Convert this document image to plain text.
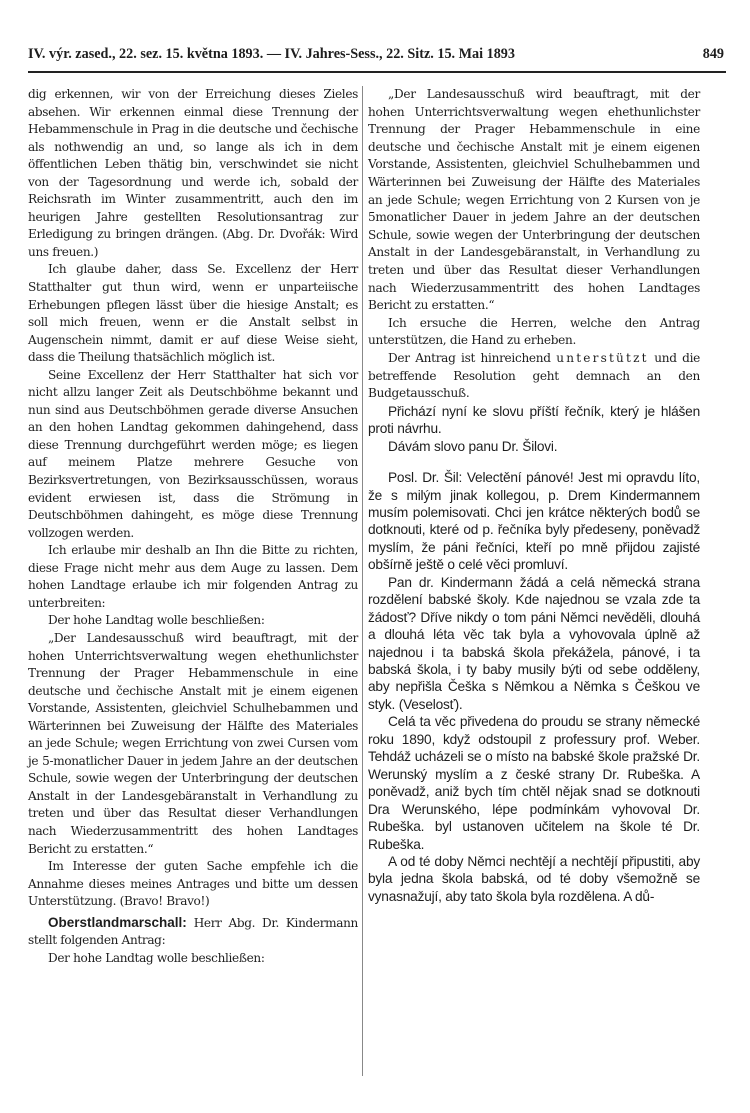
IV. výr. zased., 22. sez. 15. května 1893. — IV. Jahres-Sess., 22. Sitz. 15. Mai 1893	849

dig erkennen, wir von der Erreichung dieses Zieles absehen. Wir erkennen einmal diese Trennung der Hebammenschule in Prag in die deutsche und čechische als nothwendig an und, so lange als ich in dem öffentlichen Leben thätig bin, verschwindet sie nicht von der Tagesordnung und werde ich, sobald der Reichsrath im Winter zusammentritt, auch den im heurigen Jahre gestellten Resolutionsantrag zur Erledigung zu bringen drängen. (Abg. Dr. Dvořák: Wird uns freuen.)

Ich glaube daher, dass Se. Excellenz der Herr Statthalter gut thun wird, wenn er unparteiische Erhebungen pflegen lässt über die hiesige Anstalt; es soll mich freuen, wenn er die Anstalt selbst in Augenschein nimmt, damit er auf diese Weise sieht, dass die Theilung thatsächlich möglich ist.

Seine Excellenz der Herr Statthalter hat sich vor nicht allzu langer Zeit als Deutschböhme bekannt und nun sind aus Deutschböhmen gerade diverse Ansuchen an den hohen Landtag gekommen dahingehend, dass diese Trennung durchgeführt werden möge; es liegen auf meinem Platze mehrere Gesuche von Bezirksvertretungen, von Bezirksausschüssen, woraus evident erwiesen ist, dass die Strömung in Deutschböhmen dahingeht, es möge diese Trennung vollzogen werden.

Ich erlaube mir deshalb an Ihn die Bitte zu richten, diese Frage nicht mehr aus dem Auge zu lassen. Dem hohen Landtage erlaube ich mir folgenden Antrag zu unterbreiten:

Der hohe Landtag wolle beschließen:

„Der Landesausschuß wird beauftragt, mit der hohen Unterrichtsverwaltung wegen ehethunlichster Trennung der Prager Hebammenschule in eine deutsche und čechische Anstalt mit je einem eigenen Vorstande, Assistenten, gleichviel Schulhebammen und Wärterinnen bei Zuweisung der Hälfte des Materiales an jede Schule; wegen Errichtung von zwei Cursen vom je 5-monatlicher Dauer in jedem Jahre an der deutschen Schule, sowie wegen der Unterbringung der deutschen Anstalt in der Landesgebäranstalt in Verhandlung zu treten und über das Resultat dieser Verhandlungen nach Wiederzusammentritt des hohen Landtages Bericht zu erstatten.“

Im Interesse der guten Sache empfehle ich die Annahme dieses meines Antrages und bitte um dessen Unterstützung. (Bravo! Bravo!)

Oberstlandmarschall: Herr Abg. Dr. Kindermann stellt folgenden Antrag:

Der hohe Landtag wolle beschließen:

„Der Landesausschuß wird beauftragt, mit der hohen Unterrichtsverwaltung wegen ehethunlichster Trennung der Prager Hebammenschule in eine deutsche und čechische Anstalt mit je einem eigenen Vorstande, Assistenten, gleichviel Schulhebammen und Wärterinnen bei Zuweisung der Hälfte des Materiales an jede Schule; wegen Errichtung von 2 Kursen von je 5monatlicher Dauer in jedem Jahre an der deutschen Schule, sowie wegen der Unterbringung der deutschen Anstalt in der Landesgebäranstalt, in Verhandlung zu treten und über das Resultat dieser Verhandlungen nach Wiederzusammentritt des hohen Landtages Bericht zu erstatten.“

Ich ersuche die Herren, welche den Antrag unterstützen, die Hand zu erheben.

Der Antrag ist hinreichend unterstützt und die betreffende Resolution geht demnach an den Budgetausschuß.

Přichází nyní ke slovu příští řečník, který je hlášen proti návrhu.

Dávám slovo panu Dr. Šilovi.

Posl. Dr. Šil: Velectění pánové! Jest mi opravdu líto, že s milým jinak kollegou, p. Drem Kindermannem musím polemisovati. Chci jen krátce některých bodů se dotknouti, které od p. řečníka byly předeseny, poněvadž myslím, že páni řečníci, kteří po mně přijdou zajisté obšírně ještě o celé věci promluví.

Pan dr. Kindermann žádá a celá německá strana rozdělení babské školy. Kde najednou se vzala zde ta žádosť? Dříve nikdy o tom páni Němci nevěděli, dlouhá a dlouhá léta věc tak byla a vyhovovala úplně až najednou i ta babská škola překážela, pánové, i ta babská škola, i ty baby musily býti od sebe odděleny, aby nepřišla Češka s Němkou a Němka s Češkou ve styk. (Veselosť).

Celá ta věc přivedena do proudu se strany německé roku 1890, když odstoupil z professury prof. Weber. Tehdáž ucházeli se o místo na babské škole pražské Dr. Werunský myslím a z české strany Dr. Rubeška. A poněvadž, aniž bych tím chtěl nějak snad se dotknouti Dra Werunského, lépe podmínkám vyhovoval Dr. Rubeška. byl ustanoven učitelem na škole té Dr. Rubeška.

A od té doby Němci nechtějí a nechtějí připustiti, aby byla jedna škola babská, od té doby všemožně se vynasnažují, aby tato škola byla rozdělena. A dů-
